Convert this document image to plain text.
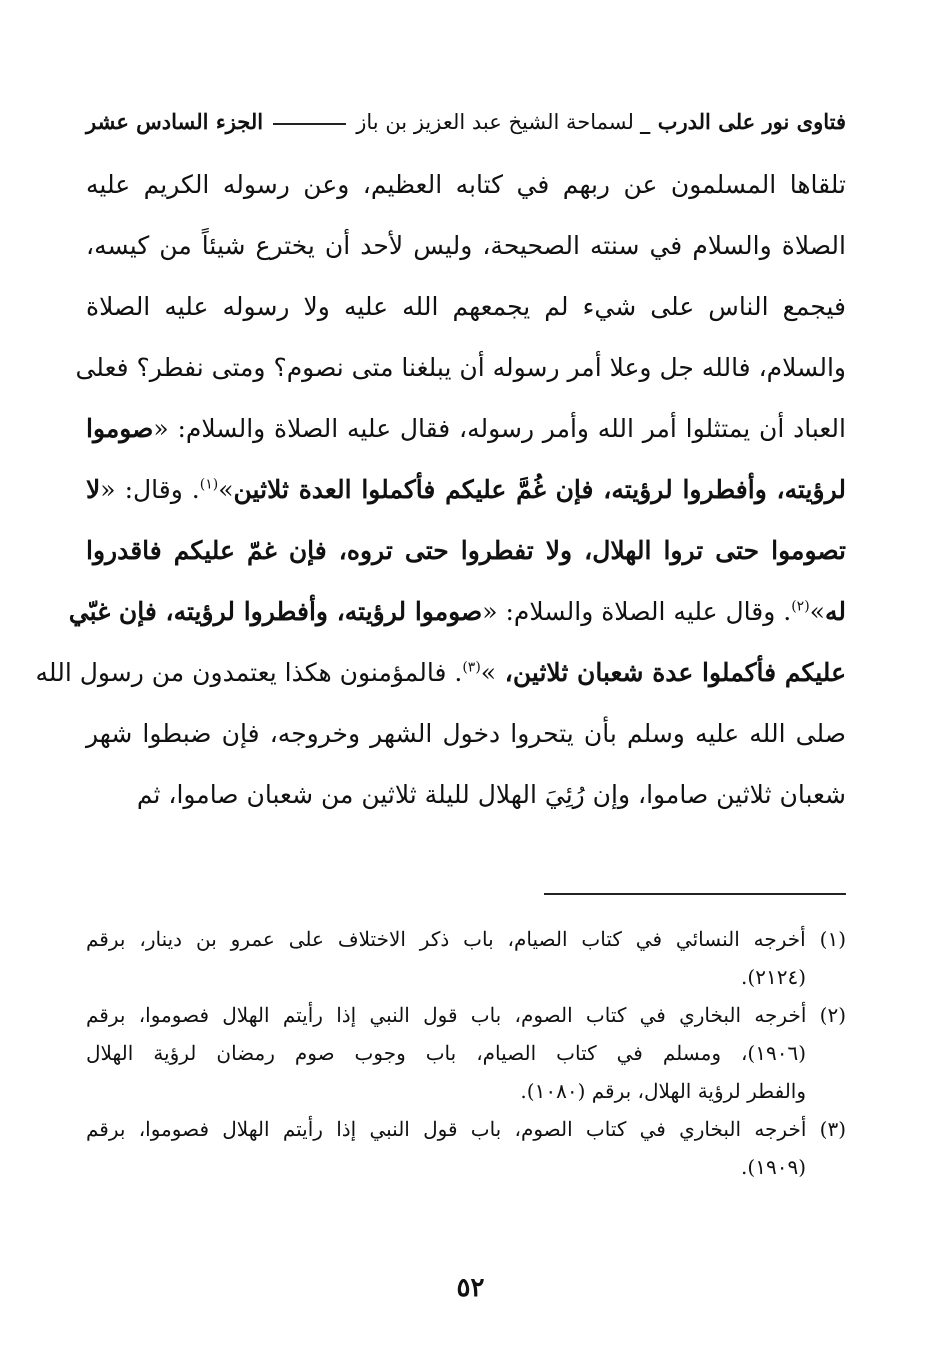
فتاوى نور على الدرب _
لسماحة الشيخ عبد العزيز بن باز
الجزء السادس عشر
تلقاها المسلمون عن ربهم في كتابه العظيم، وعن رسوله الكريم عليه
الصلاة والسلام في سنته الصحيحة، وليس لأحد أن يخترع شيئاً من كيسه،
فيجمع الناس على شيء لم يجمعهم الله عليه ولا رسوله عليه الصلاة
والسلام، فالله جل وعلا أمر رسوله أن يبلغنا متى نصوم؟ ومتى نفطر؟ فعلى
العباد أن يمتثلوا أمر الله وأمر رسوله، فقال عليه الصلاة والسلام: «صوموا
لرؤيته، وأفطروا لرؤيته، فإن غُمَّ عليكم فأكملوا العدة ثلاثين»$^{(١)}$. وقال: «لا
تصوموا حتى تروا الهلال، ولا تفطروا حتى تروه، فإن غمّ عليكم فاقدروا
له»$^{(٢)}$. وقال عليه الصلاة والسلام: «صوموا لرؤيته، وأفطروا لرؤيته، فإن غبّي
عليكم فأكملوا عدة شعبان ثلاثين، »$^{(٣)}$. فالمؤمنون هكذا يعتمدون من رسول الله
صلى الله عليه وسلم بأن يتحروا دخول الشهر وخروجه، فإن ضبطوا شهر
شعبان ثلاثين صاموا، وإن رُئِيَ الهلال لليلة ثلاثين من شعبان صاموا، ثم
(١) أخرجه النسائي في كتاب الصيام، باب ذكر الاختلاف على عمرو بن دينار، برقم
(٢١٢٤).
(٢) أخرجه البخاري في كتاب الصوم، باب قول النبي إذا رأيتم الهلال فصوموا، برقم
(١٩٠٦)، ومسلم في كتاب الصيام، باب وجوب صوم رمضان لرؤية الهلال
والفطر لرؤية الهلال، برقم (١٠٨٠).
(٣) أخرجه البخاري في كتاب الصوم، باب قول النبي إذا رأيتم الهلال فصوموا، برقم
(١٩٠٩).
٥٢
